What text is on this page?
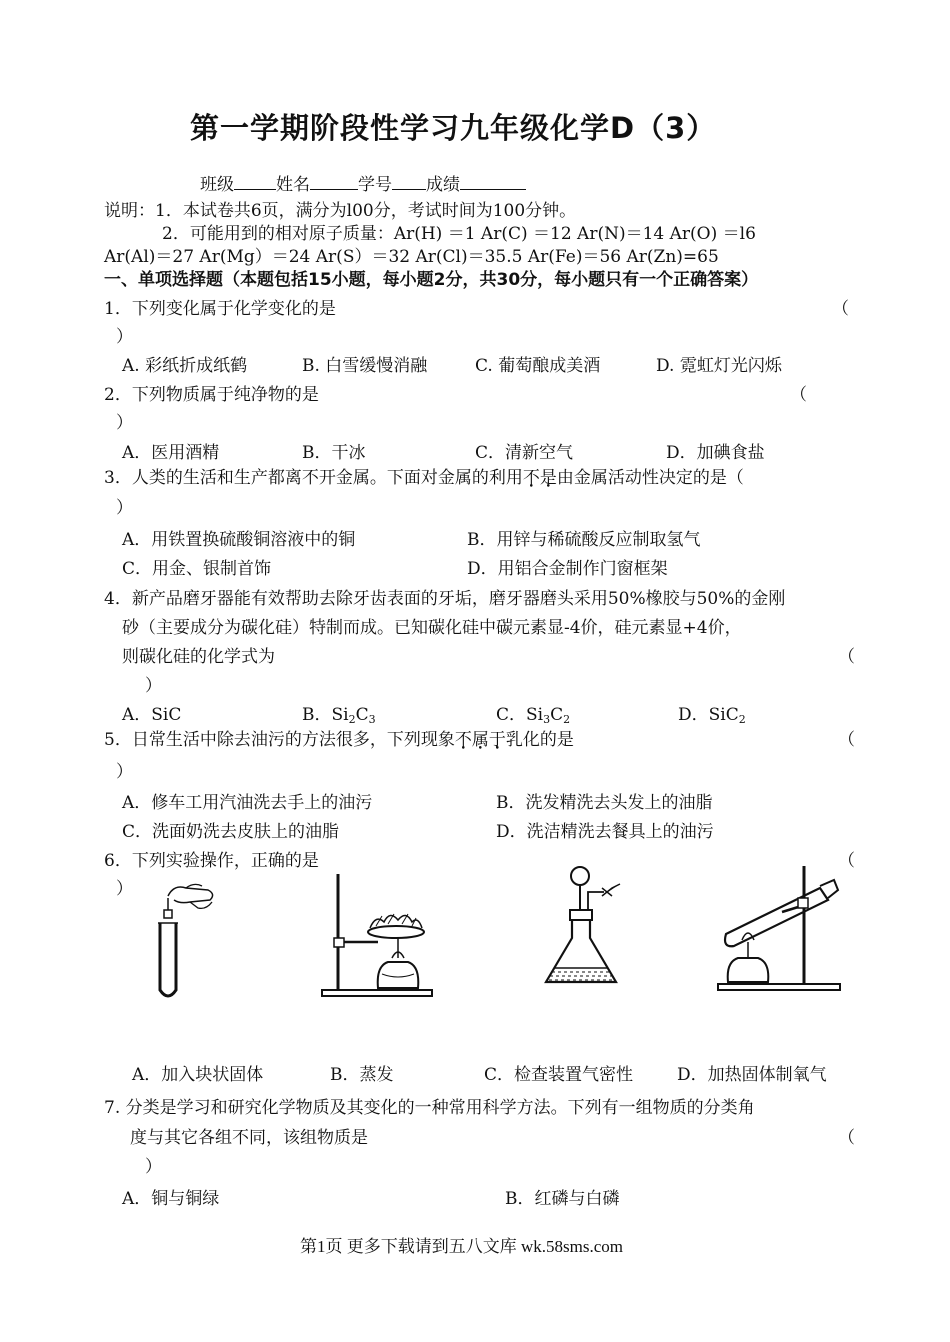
第一学期阶段性学习九年级化学D（3）
班级 姓名	学号 成绩
说明：1．本试卷共6页，满分为l00分，考试时间为100分钟。
2．可能用到的相对原子质量：Ar(H) ＝1 Ar(C) ＝12 Ar(N)＝14 Ar(O) ＝l6
Ar(Al)＝27 Ar(Mg）＝24 Ar(S）＝32 Ar(Cl)＝35.5 Ar(Fe)＝56 Ar(Zn)=65
一、单项选择题（本题包括15小题，每小题2分，共30分，每小题只有一个正确答案）
1．下列变化属于化学变化的是	（
）
A. 彩纸折成纸鹤	B. 白雪缓慢消融	C. 葡萄酿成美酒	D. 霓虹灯光闪烁
2．下列物质属于纯净物的是	（
）
A．医用酒精	B．干冰	C．清新空气	D．加碘食盐
3．人类的生活和生产都离不开金属。下面对金属的利用不是由金属活动性决定的是（
）
A．用铁置换硫酸铜溶液中的铜	B．用锌与稀硫酸反应制取氢气
C．用金、银制首饰	D．用铝合金制作门窗框架
4．新产品磨牙器能有效帮助去除牙齿表面的牙垢，磨牙器磨头采用50%橡胶与50%的金刚
砂（主要成分为碳化硅）特制而成。已知碳化硅中碳元素显-4价，硅元素显+4价，
则碳化硅的化学式为	（
）
A．SiC	B．$Si_2C_3$	C．$Si_3C_2$	D．SiC$_2$
5．日常生活中除去油污的方法很多，下列现象不属于乳化的是	（
）
A．修车工用汽油洗去手上的油污	B．洗发精洗去头发上的油脂
C．洗面奶洗去皮肤上的油脂	D．洗洁精洗去餐具上的油污
6．下列实验操作，正确的是	（
）
A．加入块状固体	B．蒸发	C．检查装置气密性	D．加热固体制氧气
7. 分类是学习和研究化学物质及其变化的一种常用科学方法。下列有一组物质的分类角
度与其它各组不同，该组物质是	（
）
A．铜与铜绿	B．红磷与白磷
第1页 更多下载请到五八文库 wk.58sms.com
